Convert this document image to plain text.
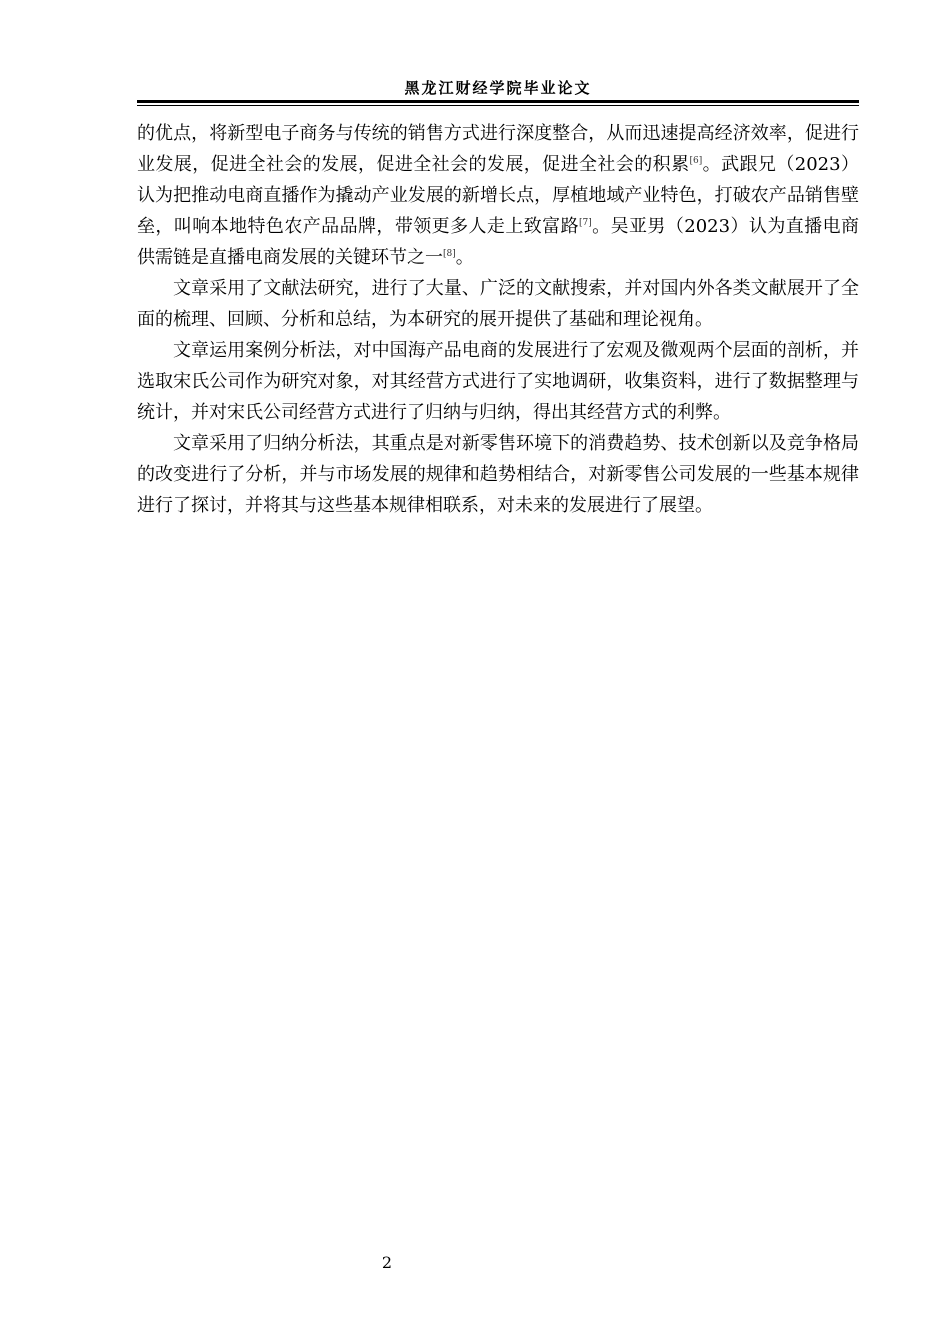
黑龙江财经学院毕业论文

的优点，将新型电子商务与传统的销售方式进行深度整合，从而迅速提高经济效率，促进行业发展，促进全社会的发展，促进全社会的发展，促进全社会的积累[6]。武跟兄（2023）认为把推动电商直播作为撬动产业发展的新增长点，厚植地域产业特色，打破农产品销售壁垒，叫响本地特色农产品品牌，带领更多人走上致富路[7]。吴亚男（2023）认为直播电商供需链是直播电商发展的关键环节之一[8]。

文章采用了文献法研究，进行了大量、广泛的文献搜索，并对国内外各类文献展开了全面的梳理、回顾、分析和总结，为本研究的展开提供了基础和理论视角。

文章运用案例分析法，对中国海产品电商的发展进行了宏观及微观两个层面的剖析，并选取宋氏公司作为研究对象，对其经营方式进行了实地调研，收集资料，进行了数据整理与统计，并对宋氏公司经营方式进行了归纳与归纳，得出其经营方式的利弊。

文章采用了归纳分析法，其重点是对新零售环境下的消费趋势、技术创新以及竞争格局的改变进行了分析，并与市场发展的规律和趋势相结合，对新零售公司发展的一些基本规律进行了探讨，并将其与这些基本规律相联系，对未来的发展进行了展望。

2
